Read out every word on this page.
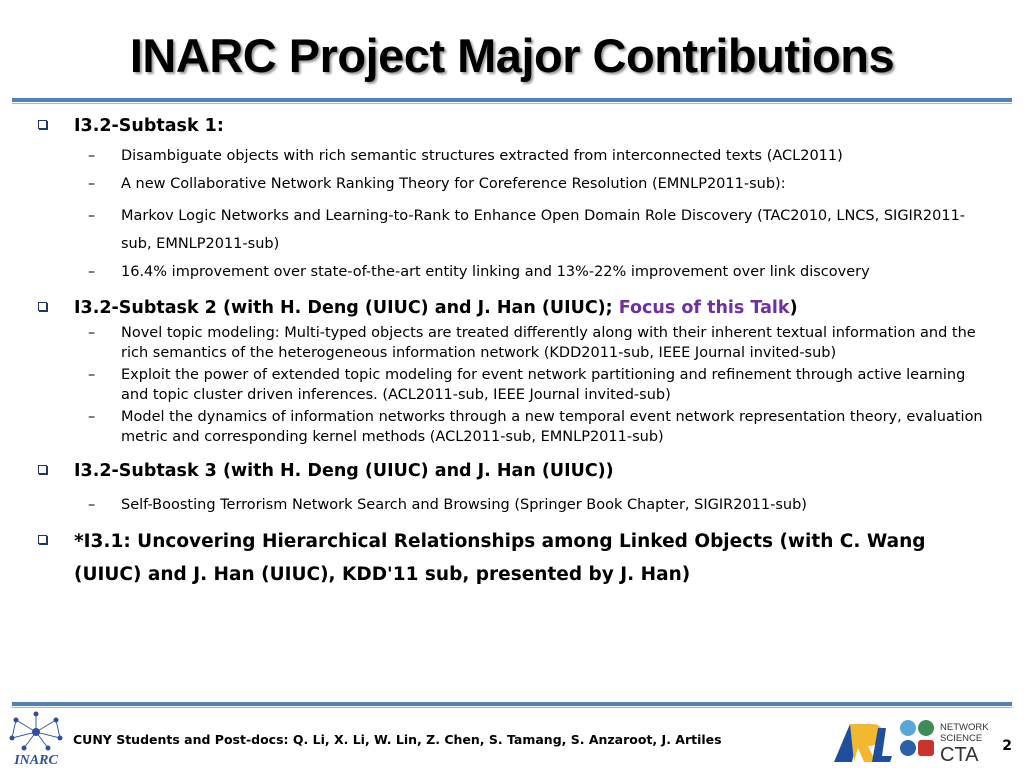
INARC Project Major Contributions
I3.2-Subtask 1:
– Disambiguate objects with rich semantic structures extracted from interconnected texts (ACL2011)
– A new Collaborative Network Ranking Theory for Coreference Resolution (EMNLP2011-sub):
– Markov Logic Networks and Learning-to-Rank to Enhance Open Domain Role Discovery (TAC2010, LNCS, SIGIR2011-sub, EMNLP2011-sub)
– 16.4% improvement over state-of-the-art entity linking and 13%-22% improvement over link discovery
I3.2-Subtask 2 (with H. Deng (UIUC) and J. Han (UIUC); Focus of this Talk)
– Novel topic modeling: Multi-typed objects are treated differently along with their inherent textual information and the rich semantics of the heterogeneous information network (KDD2011-sub, IEEE Journal invited-sub)
– Exploit the power of extended topic modeling for event network partitioning and refinement through active learning and topic cluster driven inferences. (ACL2011-sub, IEEE Journal invited-sub)
– Model the dynamics of information networks through a new temporal event network representation theory, evaluation metric and corresponding kernel methods (ACL2011-sub, EMNLP2011-sub)
I3.2-Subtask 3 (with H. Deng (UIUC) and J. Han (UIUC))
– Self-Boosting Terrorism Network Search and Browsing (Springer Book Chapter, SIGIR2011-sub)
*I3.1: Uncovering Hierarchical Relationships among Linked Objects (with C. Wang (UIUC) and J. Han (UIUC), KDD'11 sub, presented by J. Han)
INARC
CUNY Students and Post-docs: Q. Li, X. Li, W. Lin, Z. Chen, S. Tamang, S. Anzaroot, J. Artiles
NETWORK
SCIENCE
CTA 2
